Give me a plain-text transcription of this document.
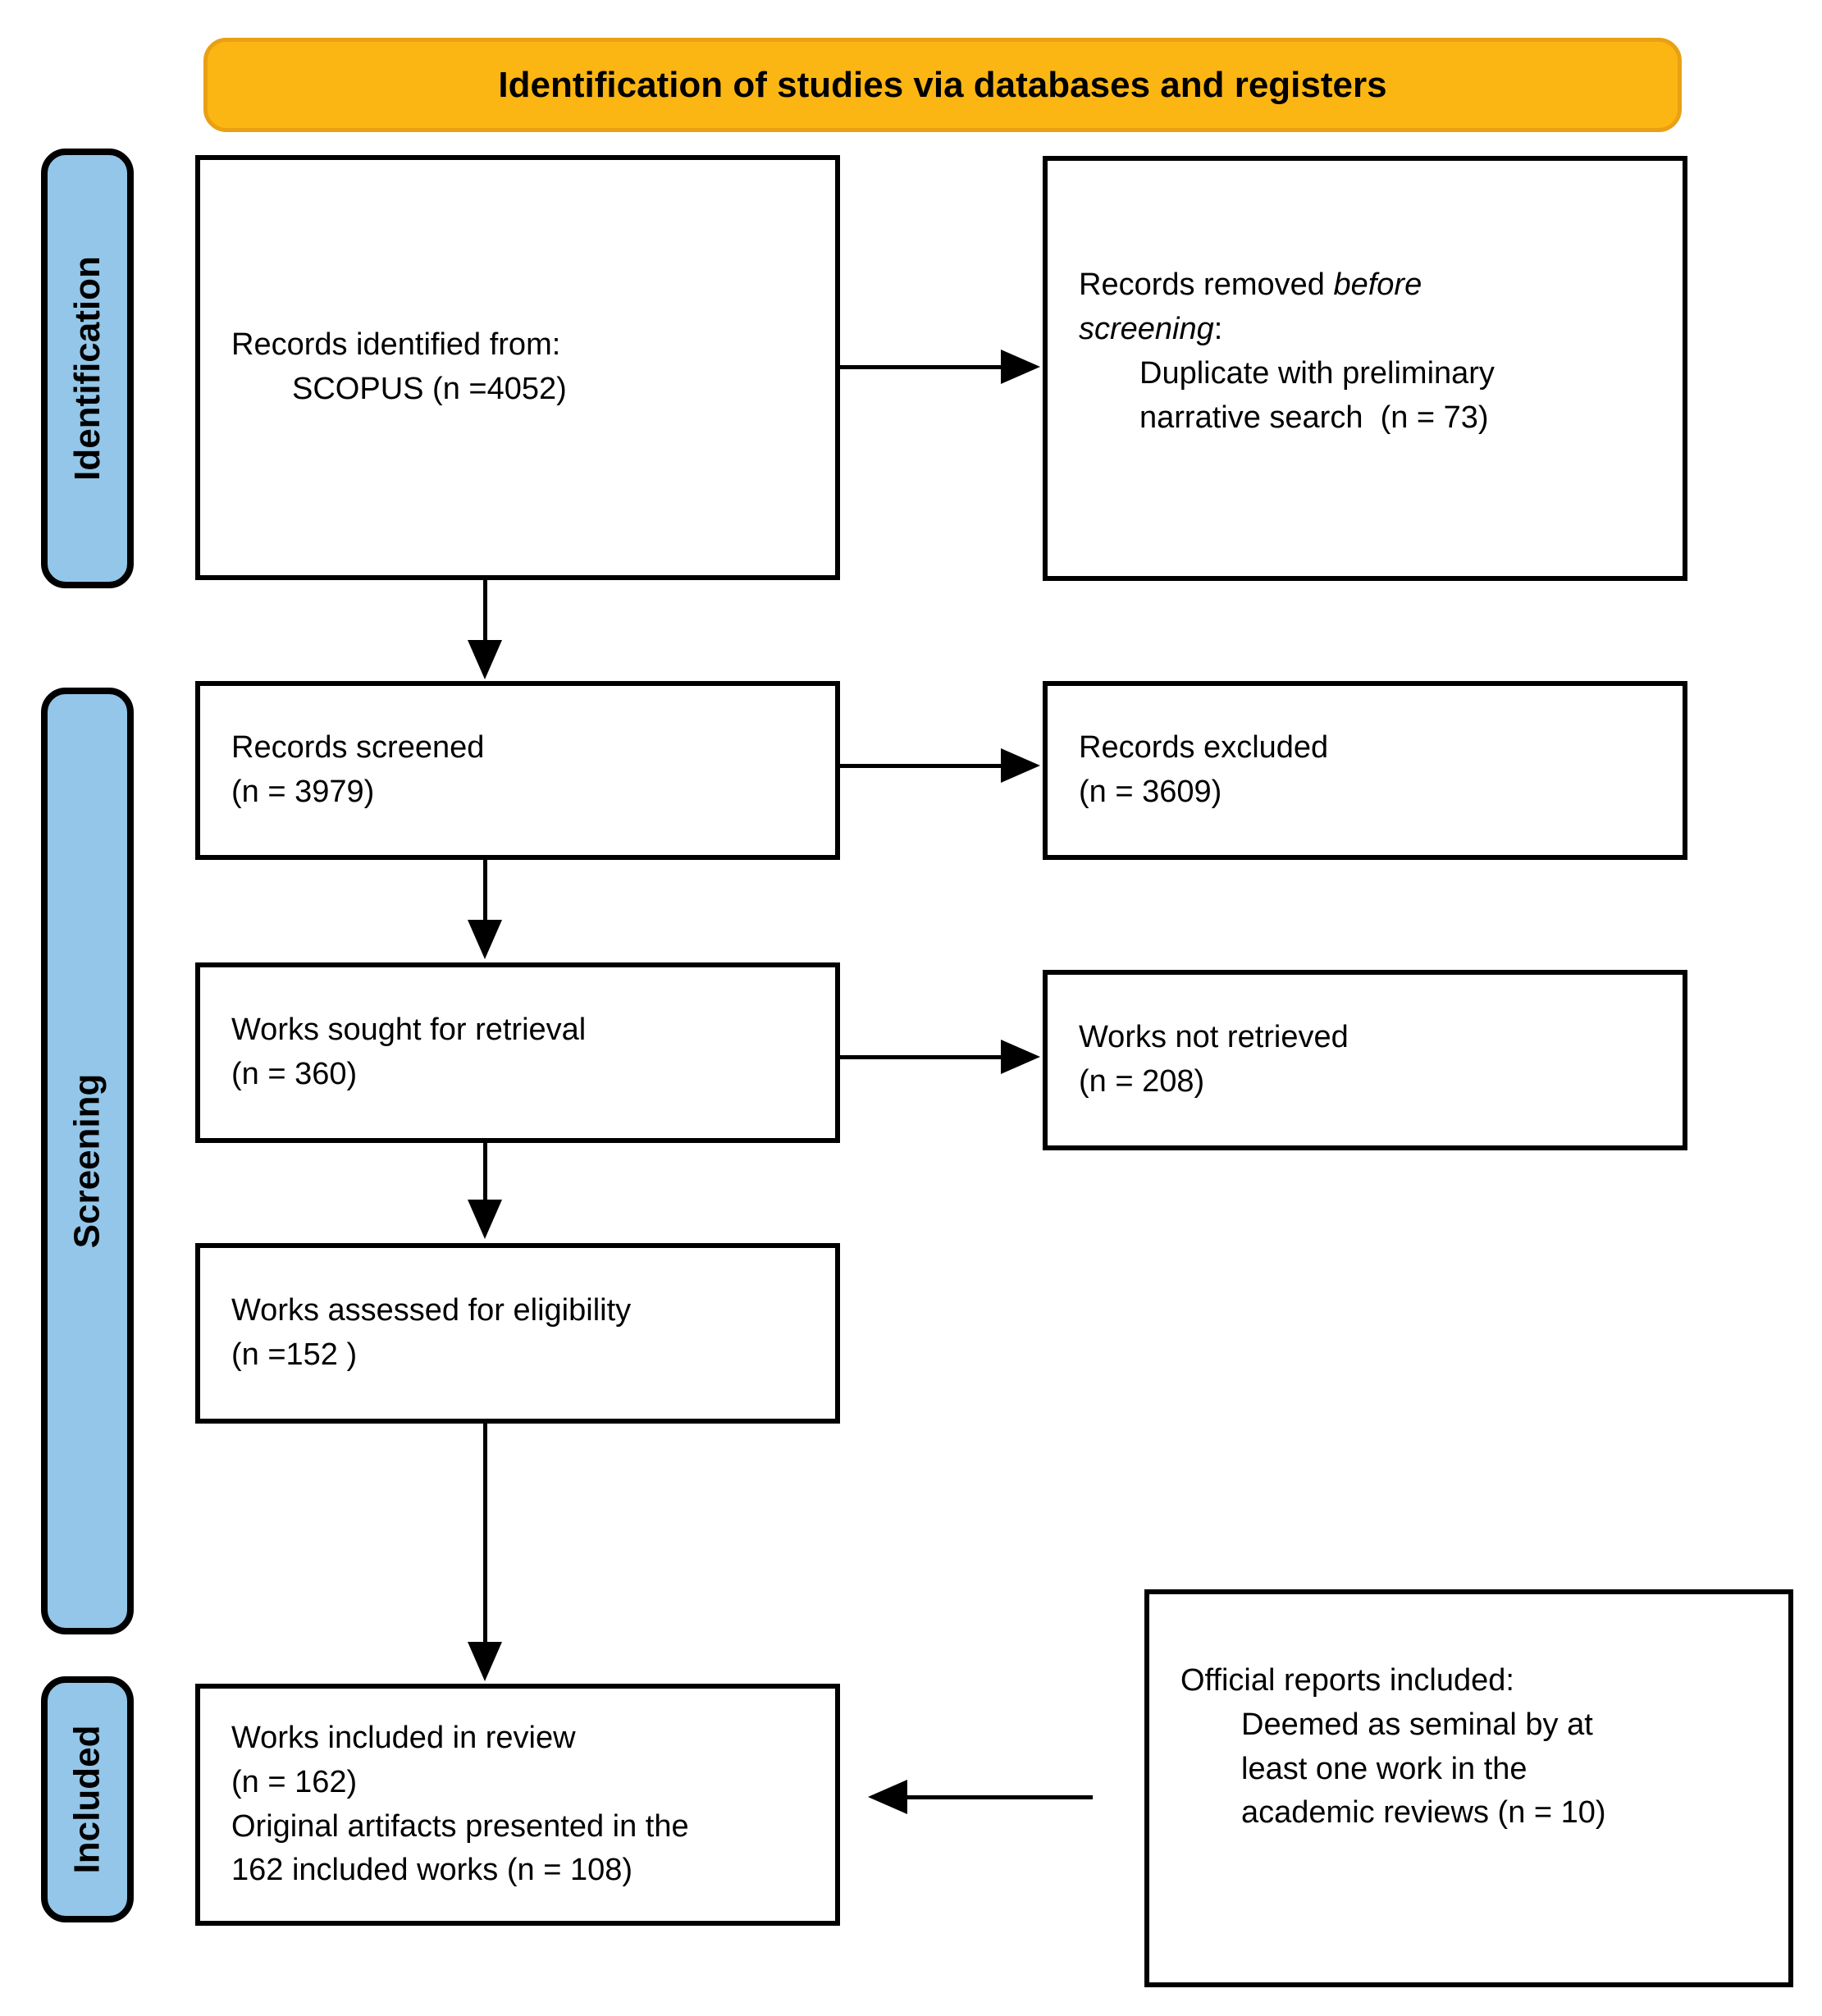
Identification of studies via databases and registers
Identification
Screening
Included
Records identified from:
SCOPUS (n =4052)
Records removed before
screening:
Duplicate with preliminary
narrative search  (n = 73)
Records screened
(n = 3979)
Records excluded
(n = 3609)
Works sought for retrieval
(n = 360)
Works not retrieved
(n = 208)
Works assessed for eligibility
(n =152 )
Works included in review
(n = 162)
Original artifacts presented in the
162 included works (n = 108)
Official reports included:
Deemed as seminal by at
least one work in the
academic reviews (n = 10)
